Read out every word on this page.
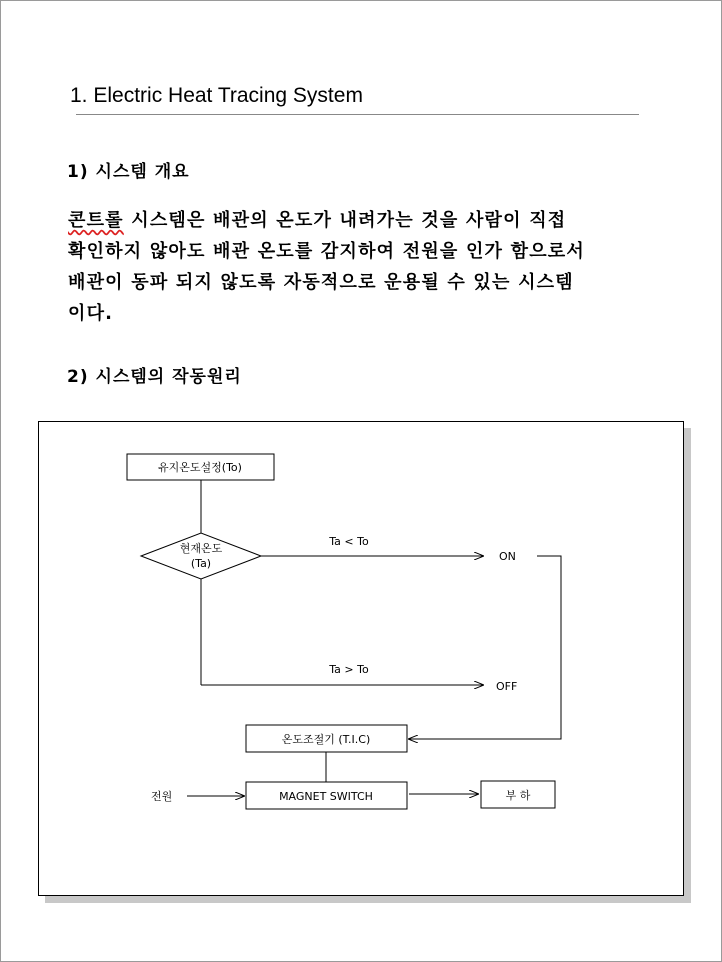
1. Electric Heat Tracing System
1) 시스템 개요
콘트롤 시스템은 배관의 온도가 내려가는 것을 사람이 직접
확인하지 않아도 배관 온도를 감지하여 전원을 인가 함으로서
배관이 동파 되지 않도록 자동적으로 운용될 수 있는 시스템
이다.
2) 시스템의 작동원리
유지온도설정(To)
현재온도
(Ta)
Ta < To
ON
Ta > To
OFF
온도조절기 (T.I.C)
전원	MAGNET SWITCH	부 하
